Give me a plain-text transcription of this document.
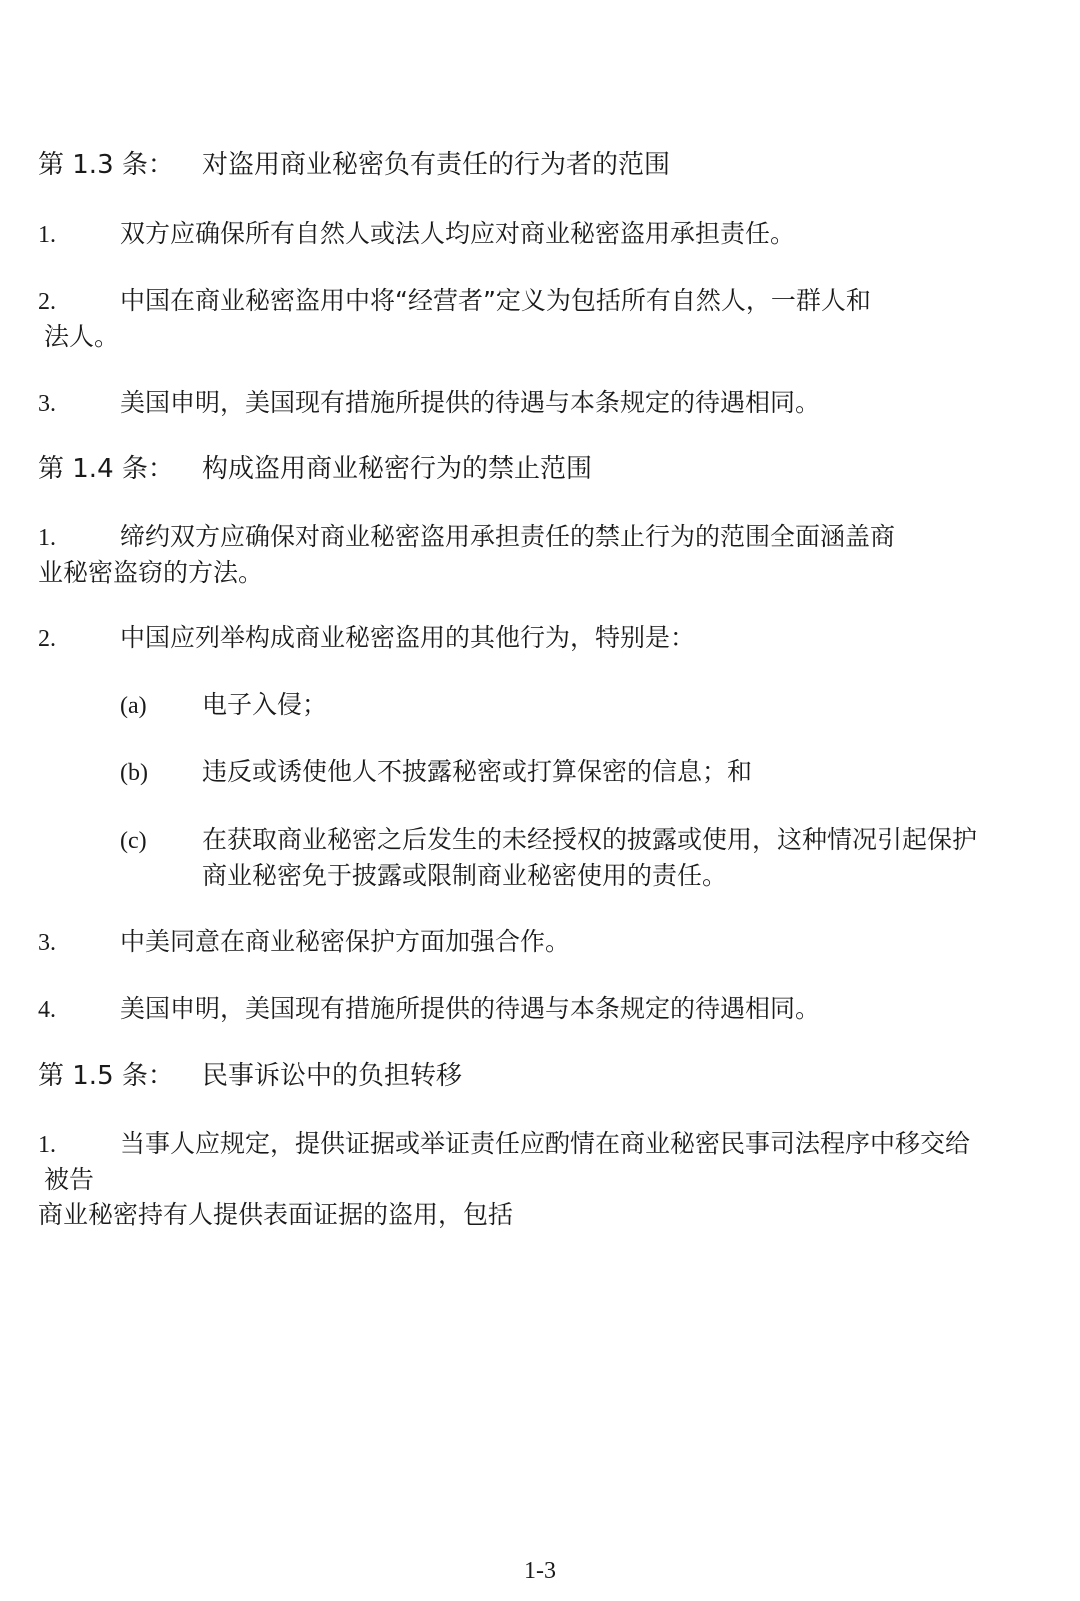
第 1.3 条： 对盗用商业秘密负有责任的行为者的范围
1.	双方应确保所有自然人或法人均应对商业秘密盗用承担责任。
2.	中国在商业秘密盗用中将“经营者”定义为包括所有自然人，一群人和
法人。
3.	美国申明，美国现有措施所提供的待遇与本条规定的待遇相同。
第 1.4 条： 构成盗用商业秘密行为的禁止范围
1.	缔约双方应确保对商业秘密盗用承担责任的禁止行为的范围全面涵盖商
业秘密盗窃的方法。
2.	中国应列举构成商业秘密盗用的其他行为，特别是：
(a) 电子入侵；
(b) 违反或诱使他人不披露秘密或打算保密的信息；和
(c) 在获取商业秘密之后发生的未经授权的披露或使用，这种情况引起保护
商业秘密免于披露或限制商业秘密使用的责任。
3.	中美同意在商业秘密保护方面加强合作。
4.	美国申明，美国现有措施所提供的待遇与本条规定的待遇相同。
第 1.5 条： 民事诉讼中的负担转移
1.	当事人应规定，提供证据或举证责任应酌情在商业秘密民事司法程序中移交给
被告
商业秘密持有人提供表面证据的盗用，包括
1-3
